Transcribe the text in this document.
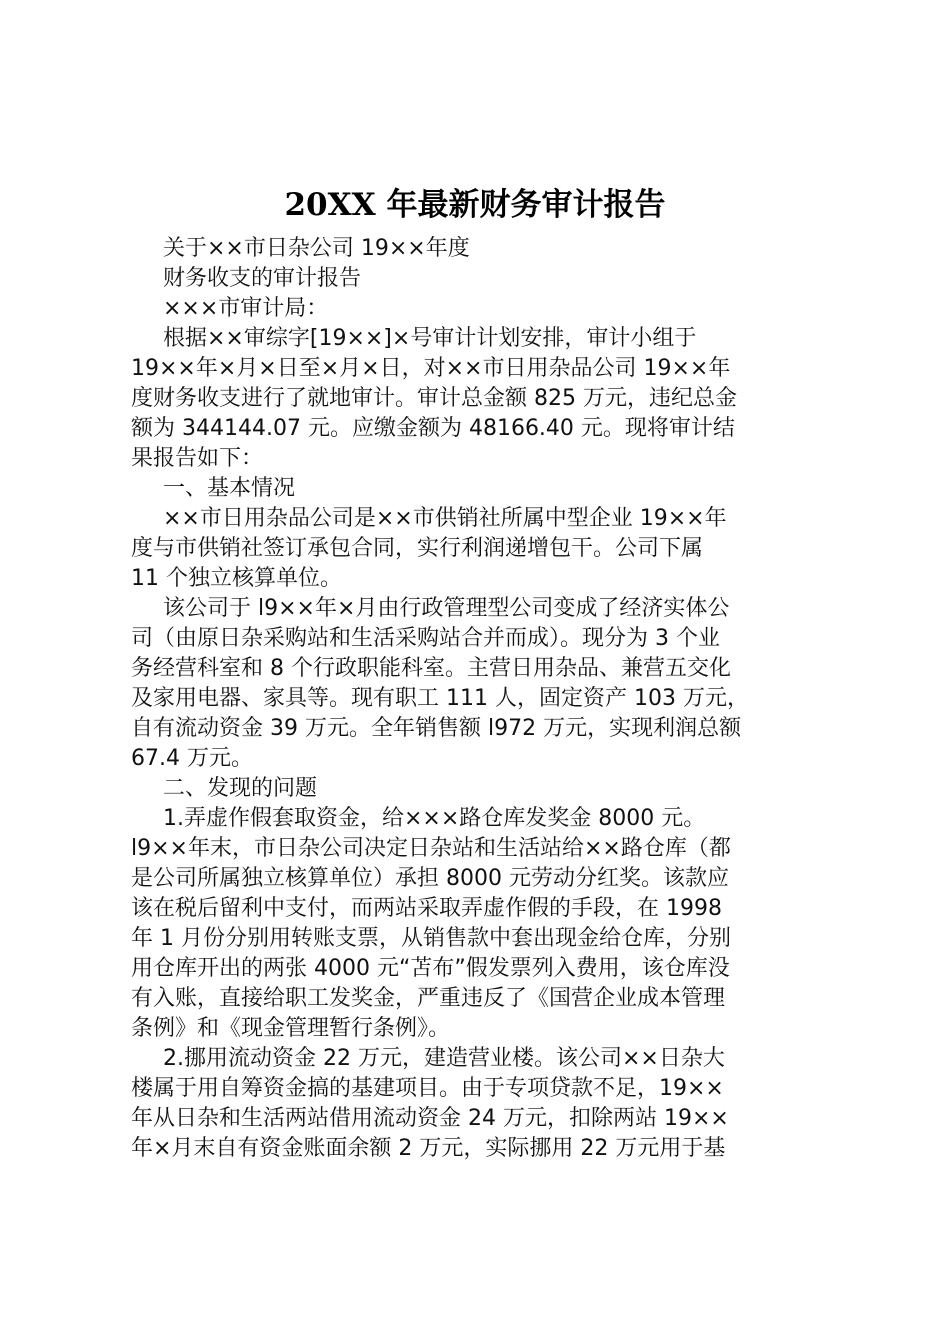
20XX 年最新财务审计报告
关于××市日杂公司 19××年度
财务收支的审计报告
×××市审计局：
根据××审综字[19××]×号审计计划安排，审计小组于
19××年×月×日至×月×日，对××市日用杂品公司 19××年
度财务收支进行了就地审计。审计总金额 825 万元，违纪总金
额为 344144.07 元。应缴金额为 48166.40 元。现将审计结
果报告如下：
一、基本情况
××市日用杂品公司是××市供销社所属中型企业 19××年
度与市供销社签订承包合同，实行利润递增包干。公司下属
11 个独立核算单位。
该公司于 l9××年×月由行政管理型公司变成了经济实体公
司（由原日杂采购站和生活采购站合并而成）。现分为 3 个业
务经营科室和 8 个行政职能科室。主营日用杂品、兼营五交化
及家用电器、家具等。现有职工 111 人，固定资产 103 万元，
自有流动资金 39 万元。全年销售额 l972 万元，实现利润总额
67.4 万元。
二、发现的问题
1.弄虚作假套取资金，给×××路仓库发奖金 8000 元。
l9××年末，市日杂公司决定日杂站和生活站给××路仓库（都
是公司所属独立核算单位）承担 8000 元劳动分红奖。该款应
该在税后留利中支付，而两站采取弄虚作假的手段，在 1998
年 1 月份分别用转账支票，从销售款中套出现金给仓库，分别
用仓库开出的两张 4000 元“苫布”假发票列入费用，该仓库没
有入账，直接给职工发奖金，严重违反了《国营企业成本管理
条例》和《现金管理暂行条例》。
2.挪用流动资金 22 万元，建造营业楼。该公司××日杂大
楼属于用自筹资金搞的基建项目。由于专项贷款不足，19××
年从日杂和生活两站借用流动资金 24 万元，扣除两站 19××
年×月末自有资金账面余额 2 万元，实际挪用 22 万元用于基
